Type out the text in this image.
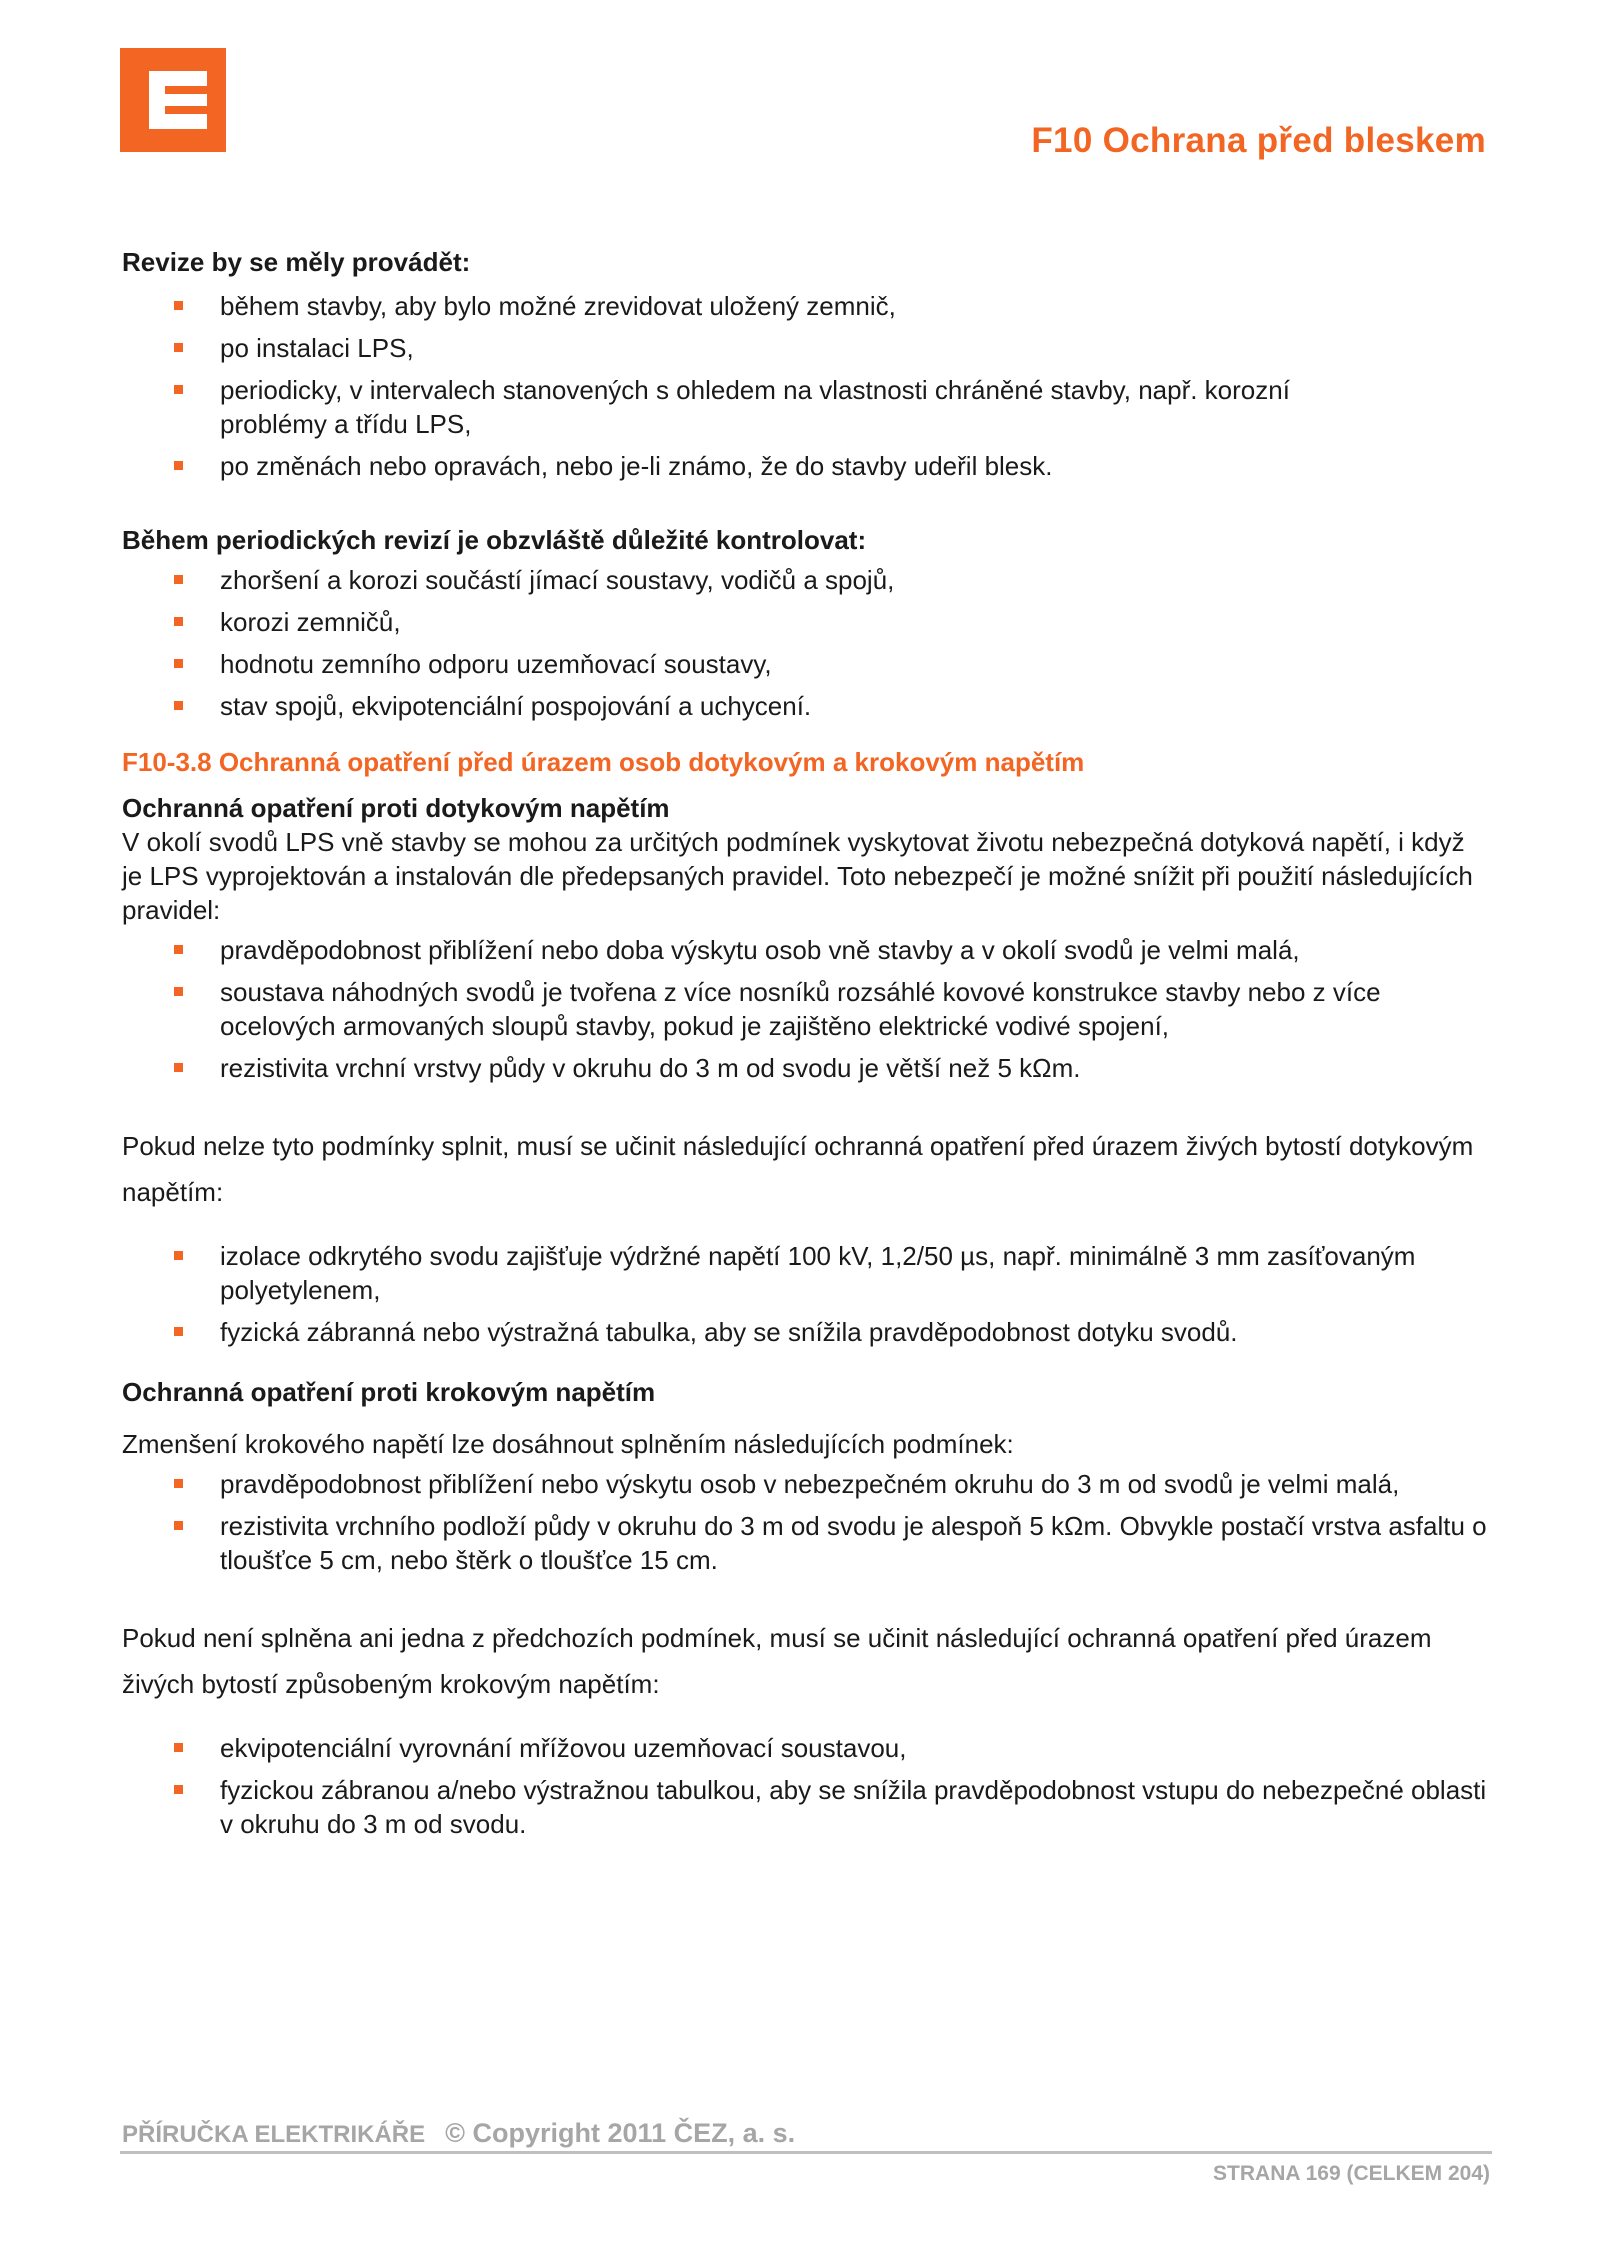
F10 Ochrana před bleskem

Revize by se měly provádět:

během stavby, aby bylo možné zrevidovat uložený zemnič,
po instalaci LPS,
periodicky, v intervalech stanovených s ohledem na vlastnosti chráněné stavby, např. korozní problémy a třídu LPS,
po změnách nebo opravách, nebo je-li známo, že do stavby udeřil blesk.

Během periodických revizí je obzvláště důležité kontrolovat:

zhoršení a korozi součástí jímací soustavy, vodičů a spojů,
korozi zemničů,
hodnotu zemního odporu uzemňovací soustavy,
stav spojů, ekvipotenciální pospojování a uchycení.

F10-3.8 Ochranná opatření před úrazem osob dotykovým a krokovým napětím

Ochranná opatření proti dotykovým napětím

V okolí svodů LPS vně stavby se mohou za určitých podmínek vyskytovat životu nebezpečná dotyková napětí, i když je LPS vyprojektován a instalován dle předepsaných pravidel. Toto nebezpečí je možné snížit při použití následujících pravidel:

pravděpodobnost přiblížení nebo doba výskytu osob vně stavby a v okolí svodů je velmi malá,
soustava náhodných svodů je tvořena z více nosníků rozsáhlé kovové konstrukce stavby nebo z více ocelových armovaných sloupů stavby, pokud je zajištěno elektrické vodivé spojení,
rezistivita vrchní vrstvy půdy v okruhu do 3 m od svodu je větší než 5 kΩm.

Pokud nelze tyto podmínky splnit, musí se učinit následující ochranná opatření před úrazem živých bytostí dotykovým napětím:

izolace odkrytého svodu zajišťuje výdržné napětí 100 kV, 1,2/50 µs, např. minimálně 3 mm zasíťovaným polyetylenem,
fyzická zábranná nebo výstražná tabulka, aby se snížila pravděpodobnost dotyku svodů.

Ochranná opatření proti krokovým napětím

Zmenšení krokového napětí lze dosáhnout splněním následujících podmínek:

pravděpodobnost přiblížení nebo výskytu osob v nebezpečném okruhu do 3 m od svodů je velmi malá,
rezistivita vrchního podloží půdy v okruhu do 3 m od svodu je alespoň 5 kΩm. Obvykle postačí vrstva asfaltu o tloušťce 5 cm, nebo štěrk o tloušťce 15 cm.

Pokud není splněna ani jedna z předchozích podmínek, musí se učinit následující ochranná opatření před úrazem živých bytostí způsobeným krokovým napětím:

ekvipotenciální vyrovnání mřížovou uzemňovací soustavou,
fyzickou zábranou a/nebo výstražnou tabulkou, aby se snížila pravděpodobnost vstupu do nebezpečné oblasti v okruhu do 3 m od svodu.
PŘÍRUČKA ELEKTRIKÁŘE © Copyright 2011 ČEZ, a. s.
STRANA 169 (CELKEM 204)
